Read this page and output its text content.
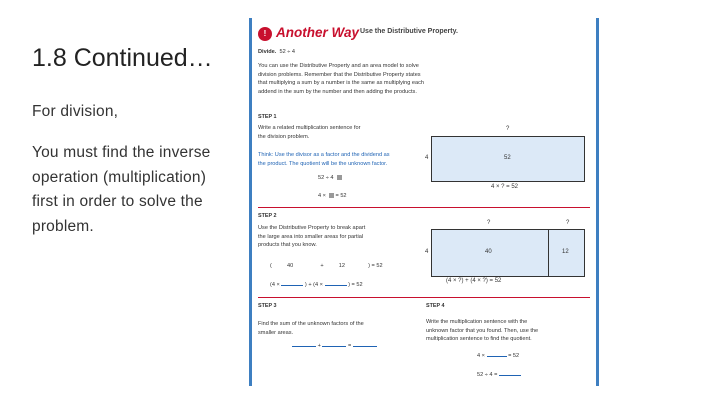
1.8 Continued…
For division,
You must find the inverse operation (multiplication) first in order to solve the problem.
! Another Way Use the Distributive Property.
Divide. 52 ÷ 4
You can use the Distributive Property and an area model to solve
division problems. Remember that the Distributive Property states
that multiplying a sum by a number is the same as multiplying each
addend in the sum by the number and then adding the products.
STEP 1
Write a related multiplication sentence for
the division problem.
Think: Use the divisor as a factor and the dividend as
the product. The quotient will be the unknown factor.
52 ÷ 4
4 × = 52
?
4	52
4 × ? = 52
STEP 2
Use the Distributive Property to break apart
the large area into smaller areas for partial
products that you know.
(	40	+	12	) = 52
(4 ×	) + (4 ×	) = 52
?	?
4	40	12
(4 × ?) + (4 × ?) = 52
STEP 3
Find the sum of the unknown factors of the
smaller areas.
+	=
STEP 4
Write the multiplication sentence with the
unknown factor that you found. Then, use the
multiplication sentence to find the quotient.
4 ×	= 52
52 ÷ 4 =
